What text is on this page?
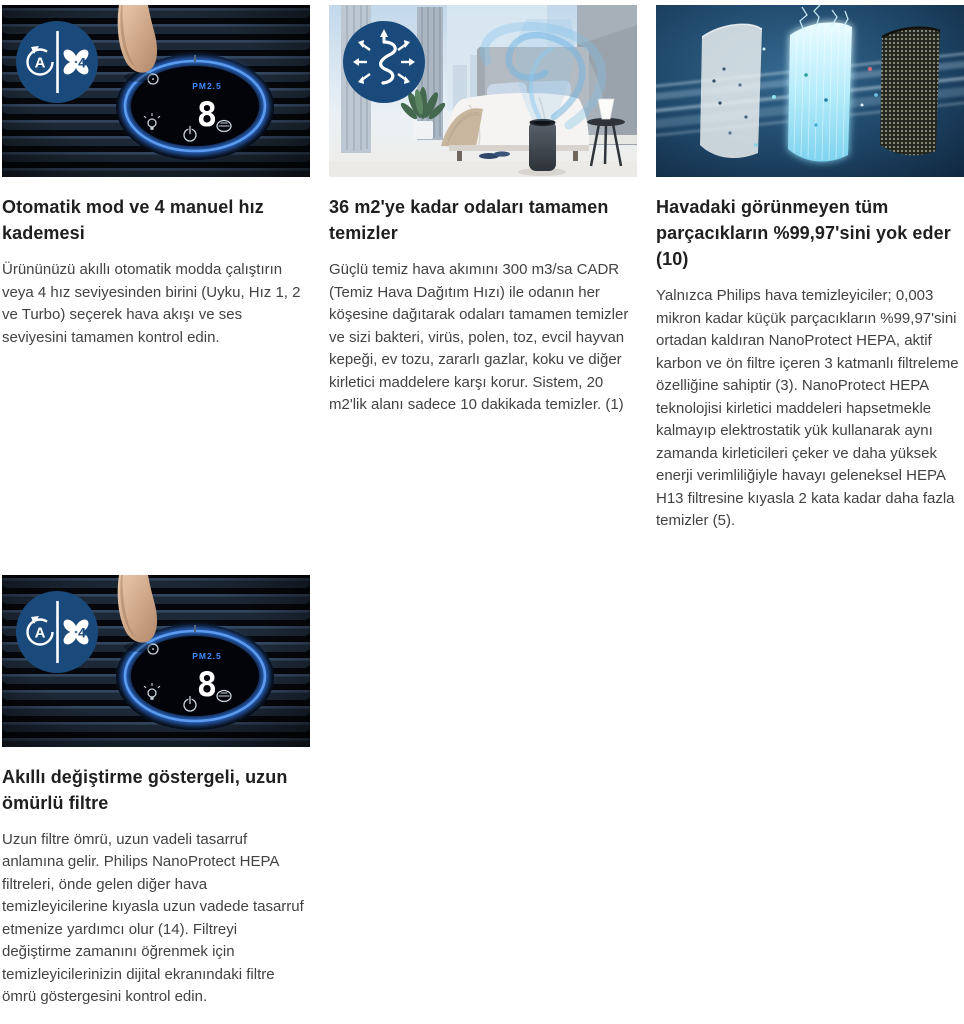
Otomatik mod ve 4 manuel hız kademesi

Ürününüzü akıllı otomatik modda çalıştırın veya 4 hız seviyesinden birini (Uyku, Hız 1, 2 ve Turbo) seçerek hava akışı ve ses seviyesini tamamen kontrol edin.

36 m2'ye kadar odaları tamamen temizler

Güçlü temiz hava akımını 300 m3/sa CADR (Temiz Hava Dağıtım Hızı) ile odanın her köşesine dağıtarak odaları tamamen temizler ve sizi bakteri, virüs, polen, toz, evcil hayvan kepeği, ev tozu, zararlı gazlar, koku ve diğer kirletici maddelere karşı korur. Sistem, 20 m2'lik alanı sadece 10 dakikada temizler. (1)

Havadaki görünmeyen tüm parçacıkların %99,97'sini yok eder (10)

Yalnızca Philips hava temizleyiciler; 0,003 mikron kadar küçük parçacıkların %99,97'sini ortadan kaldıran NanoProtect HEPA, aktif karbon ve ön filtre içeren 3 katmanlı filtreleme özelliğine sahiptir (3). NanoProtect HEPA teknolojisi kirletici maddeleri hapsetmekle kalmayıp elektrostatik yük kullanarak aynı zamanda kirleticileri çeker ve daha yüksek enerji verimliliğiyle havayı geleneksel HEPA H13 filtresine kıyasla 2 kata kadar daha fazla temizler (5).

Akıllı değiştirme göstergeli, uzun ömürlü filtre

Uzun filtre ömrü, uzun vadeli tasarruf anlamına gelir. Philips NanoProtect HEPA filtreleri, önde gelen diğer hava temizleyicilerine kıyasla uzun vadede tasarruf etmenize yardımcı olur (14). Filtreyi değiştirme zamanını öğrenmek için temizleyicilerinizin dijital ekranındaki filtre ömrü göstergesini kontrol edin.
